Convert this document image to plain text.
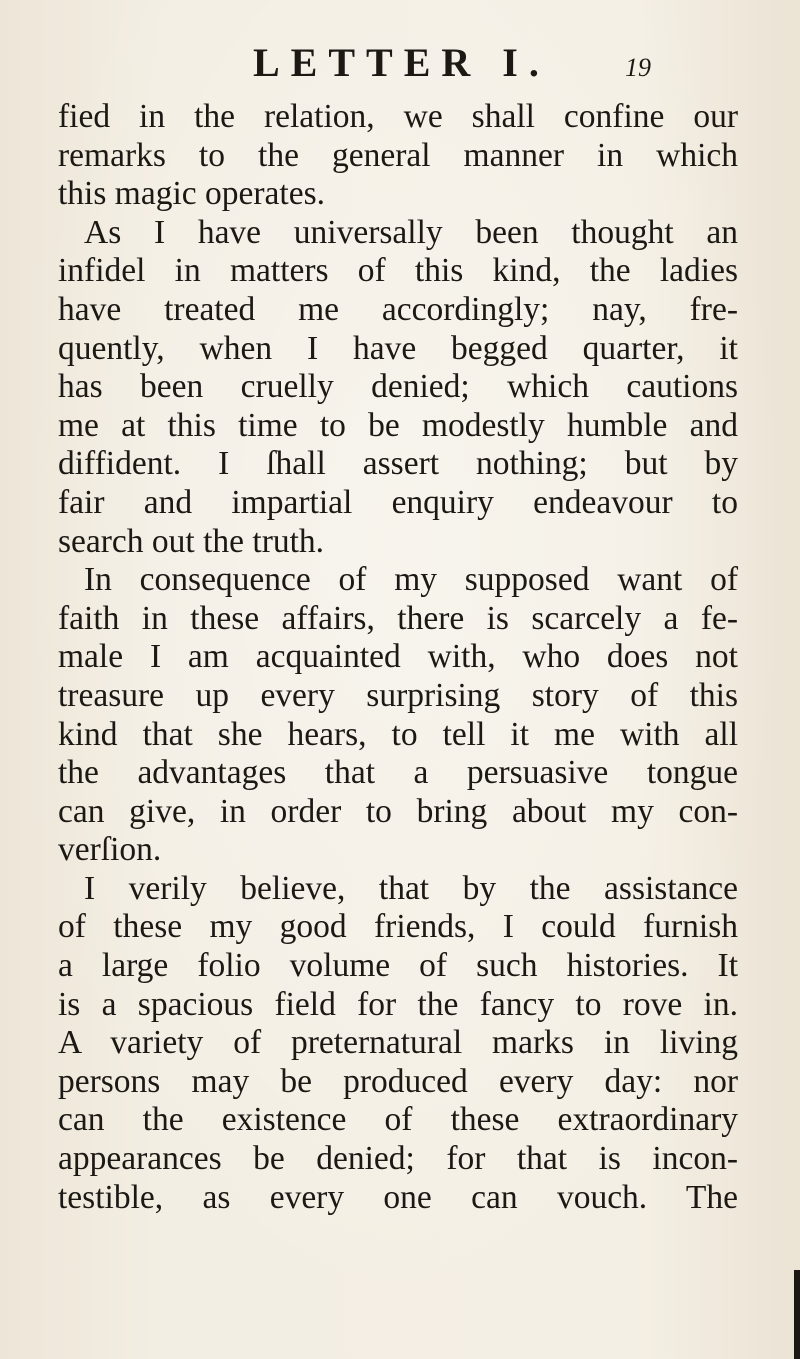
LETTER I.	19
fied in the relation, we shall confine our
remarks to the general manner in which
this magic operates.
As I have universally been thought an
infidel in matters of this kind, the ladies
have treated me accordingly; nay, fre-
quently, when I have begged quarter, it
has been cruelly denied; which cautions
me at this time to be modestly humble and
diffident. I ſhall assert nothing; but by
fair and impartial enquiry endeavour to
search out the truth.
In consequence of my supposed want of
faith in these affairs, there is scarcely a fe-
male I am acquainted with, who does not
treasure up every surprising story of this
kind that she hears, to tell it me with all
the advantages that a persuasive tongue
can give, in order to bring about my con-
verſion.
I verily believe, that by the assistance
of these my good friends, I could furnish
a large folio volume of such histories. It
is a spacious field for the fancy to rove in.
A variety of preternatural marks in living
persons may be produced every day: nor
can the existence of these extraordinary
appearances be denied; for that is incon-
testible, as every one can vouch. The
